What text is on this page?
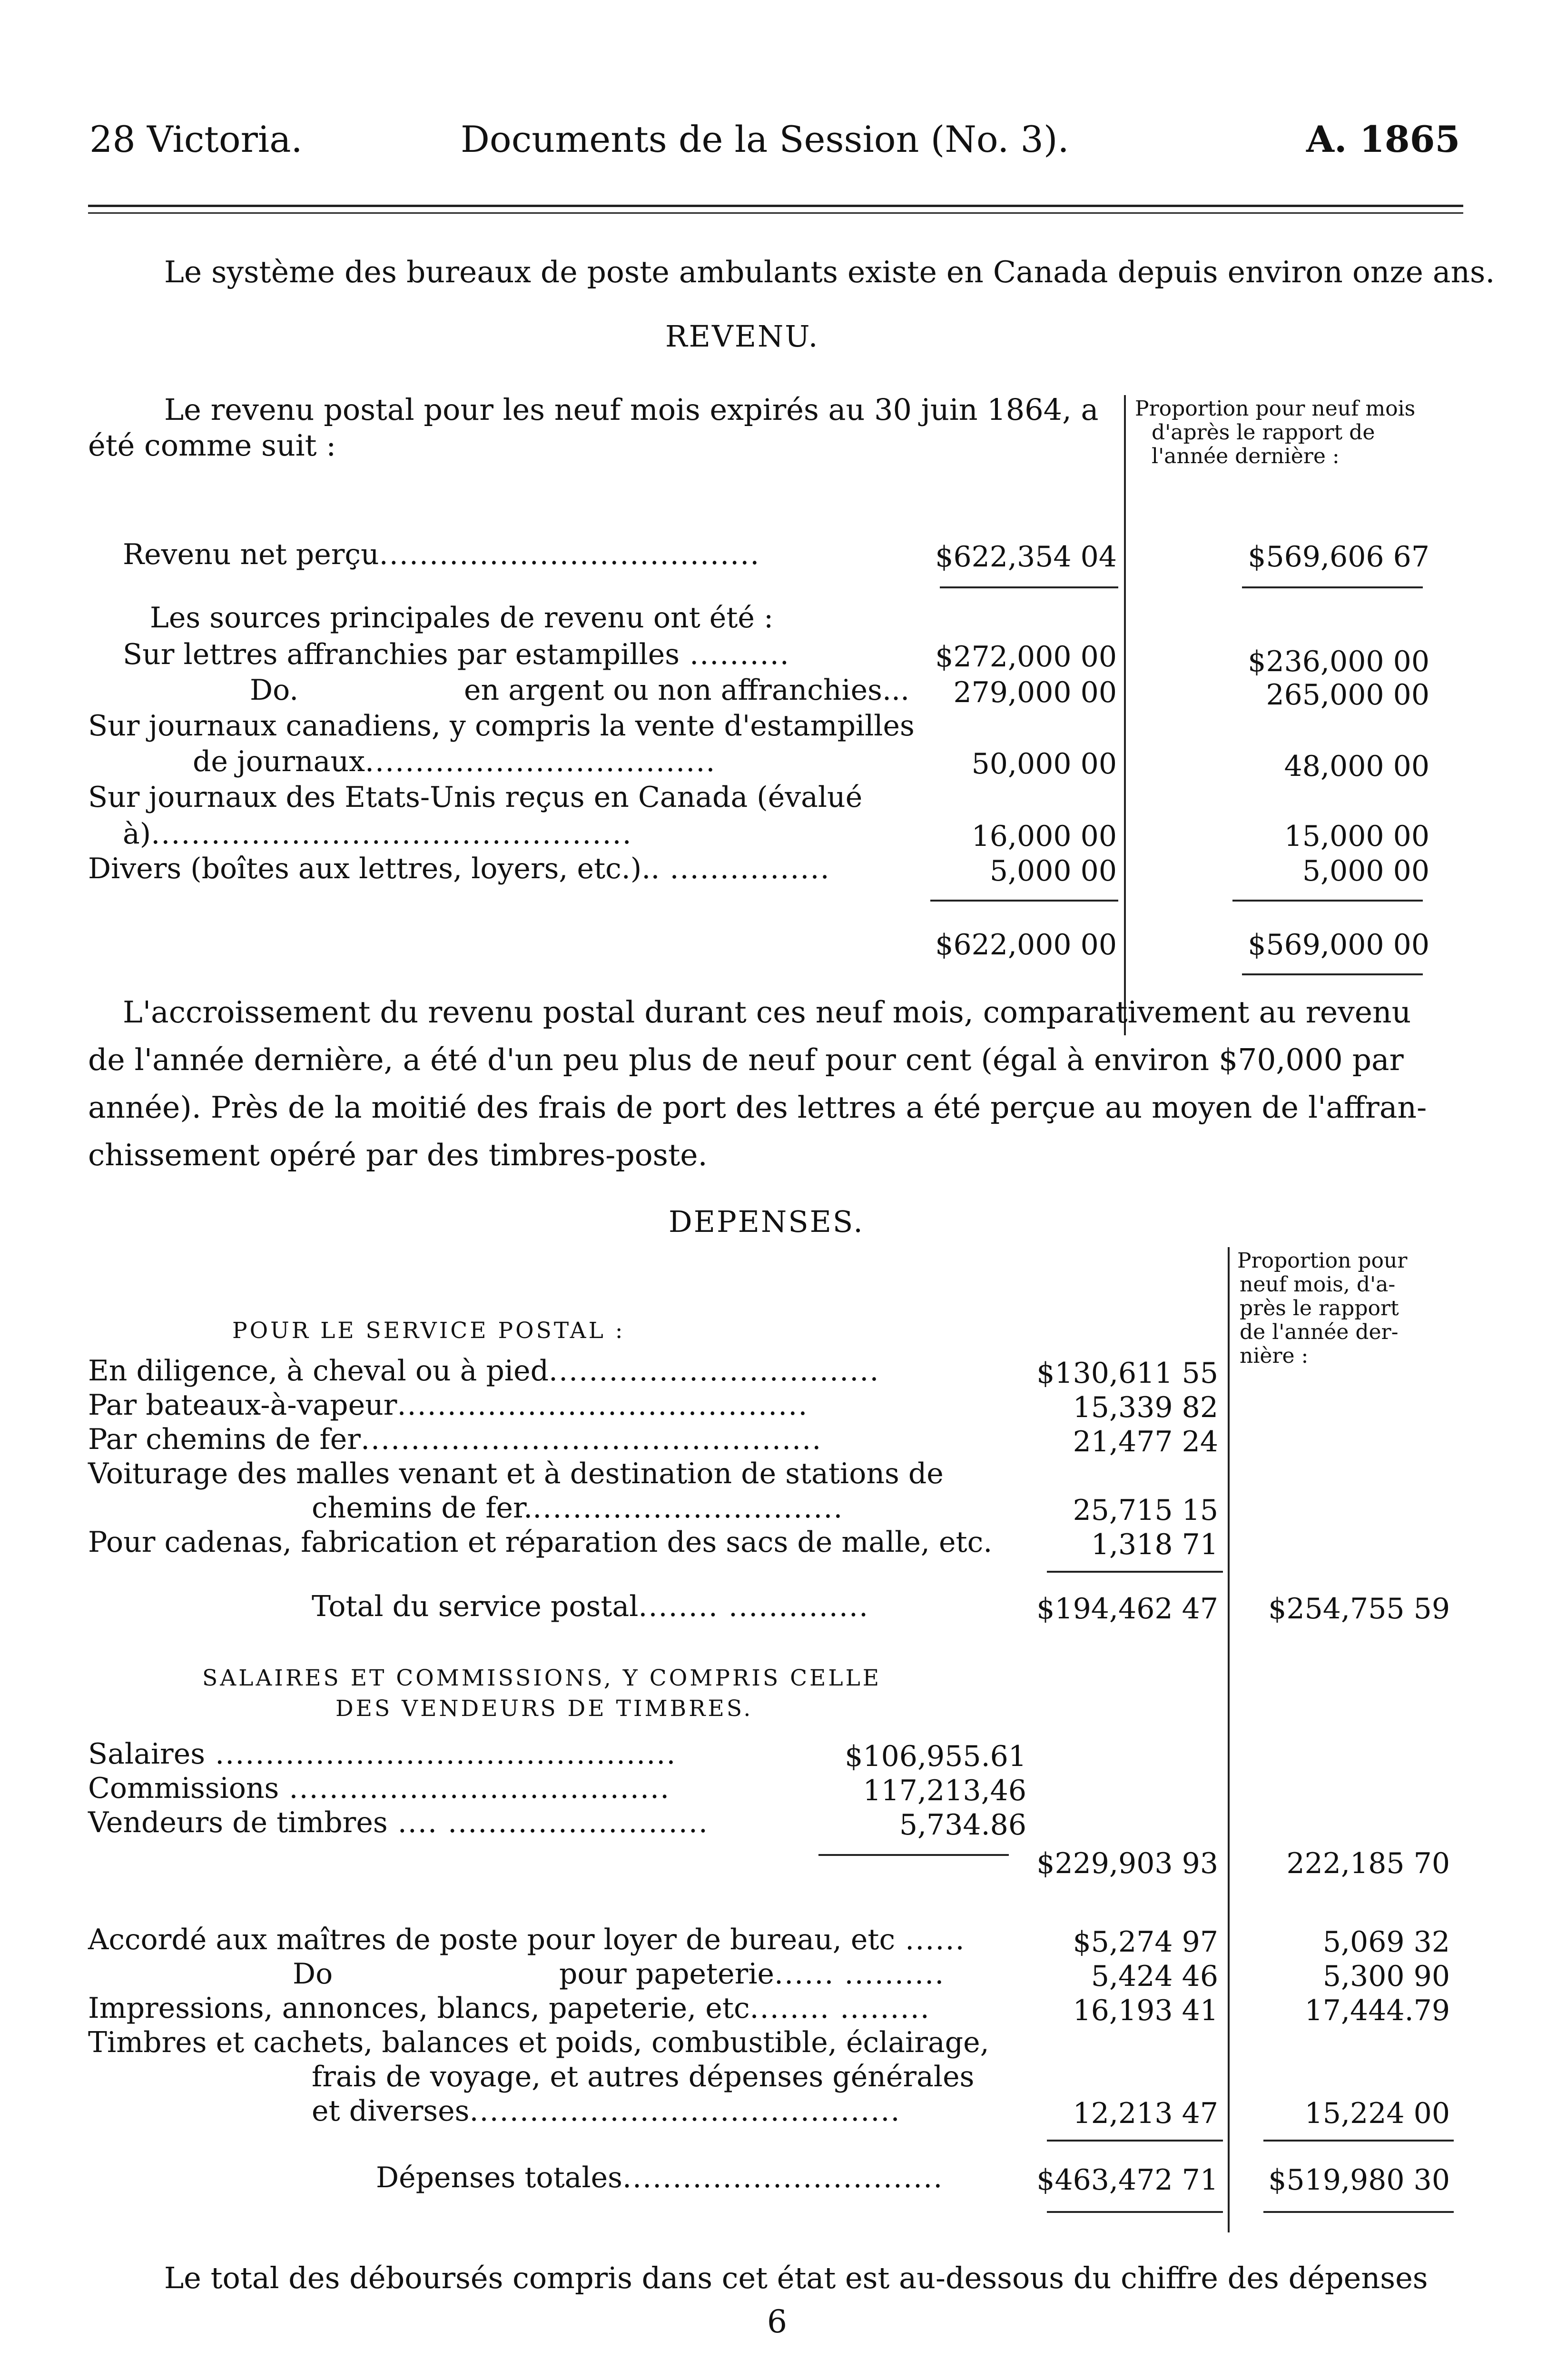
28 Victoria.	Documents de la Session (No. 3).	A. 1865
Le système des bureaux de poste ambulants existe en Canada depuis environ onze ans.
REVENU.
Le revenu postal pour les neuf mois expirés au 30 juin 1864, a
été comme suit :
Proportion pour neuf mois
d'après le rapport de
l'année dernière :
Revenu net perçu......................................	$622,354 04	$569,606 67
Les sources principales de revenu ont été :
Sur lettres affranchies par estampilles ..........	$272,000 00	$236,000 00
Do.	en argent ou non affranchies... 279,000 00	265,000 00
Sur journaux canadiens, y compris la vente d'estampilles
de journaux...................................	50,000 00	48,000 00
Sur journaux des Etats-Unis reçus en Canada (évalué
à)................................................	16,000 00	15,000 00
Divers (boîtes aux lettres, loyers, etc.).. ................	5,000 00	5,000 00
$622,000 00	$569,000 00
L'accroissement du revenu postal durant ces neuf mois, comparativement au revenu
de l'année dernière, a été d'un peu plus de neuf pour cent (égal à environ $70,000 par
année). Près de la moitié des frais de port des lettres a été perçue au moyen de l'affran-
chissement opéré par des timbres-poste.
DEPENSES.
Proportion pour
neuf mois, d'a-
près le rapport
de l'année der-
nière :
POUR LE SERVICE POSTAL :
En diligence, à cheval ou à pied.................................	$130,611 55
Par bateaux-à-vapeur.........................................	15,339 82
Par chemins de fer..............................................	21,477 24
Voiturage des malles venant et à destination de stations de
chemins de fer................................	25,715 15
Pour cadenas, fabrication et réparation des sacs de malle, etc.	1,318 71
Total du service postal........ ..............	$194,462 47 $254,755 59
SALAIRES ET COMMISSIONS, Y COMPRIS CELLE
DES VENDEURS DE TIMBRES.
Salaires ..............................................	$106,955.61
Commissions ......................................	117,213,46
Vendeurs de timbres .... ..........................	5,734.86
$229,903 93 222,185 70
Accordé aux maîtres de poste pour loyer de bureau, etc ......	$5,274 97	5,069 32
Do	pour papeterie...... ..........	5,424 46	5,300 90
Impressions, annonces, blancs, papeterie, etc........ .........	16,193 41	17,444.79
Timbres et cachets, balances et poids, combustible, éclairage,
frais de voyage, et autres dépenses générales
et diverses...........................................	12,213 47	15,224 00
Dépenses totales................................	$463,472 71 $519,980 30
Le total des déboursés compris dans cet état est au-dessous du chiffre des dépenses
6
